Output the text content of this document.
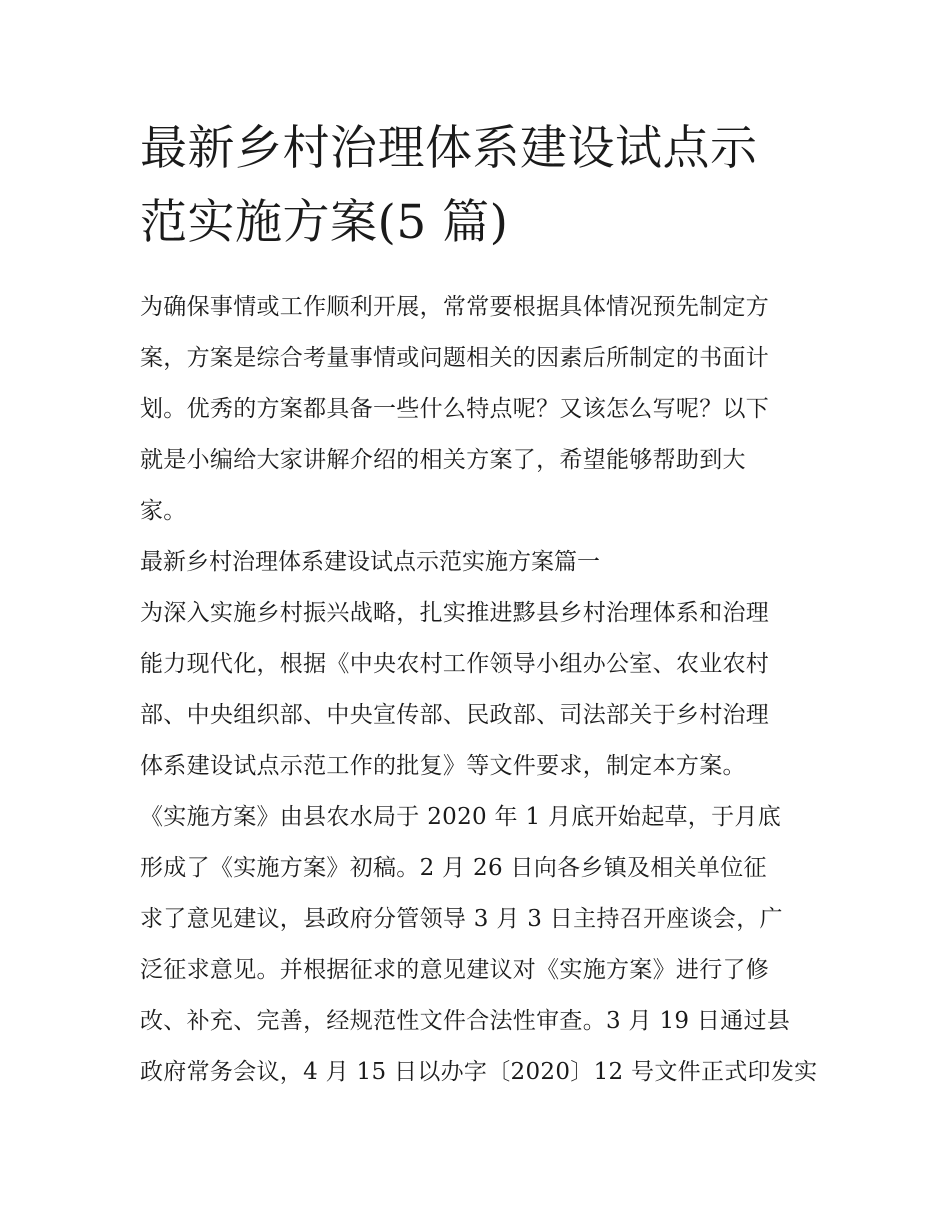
最新乡村治理体系建设试点示
范实施方案(5 篇)

为确保事情或工作顺利开展，常常要根据具体情况预先制定方
案，方案是综合考量事情或问题相关的因素后所制定的书面计
划。优秀的方案都具备一些什么特点呢？又该怎么写呢？以下
就是小编给大家讲解介绍的相关方案了，希望能够帮助到大
家。

最新乡村治理体系建设试点示范实施方案篇一

为深入实施乡村振兴战略，扎实推进黟县乡村治理体系和治理
能力现代化，根据《中央农村工作领导小组办公室、农业农村
部、中央组织部、中央宣传部、民政部、司法部关于乡村治理
体系建设试点示范工作的批复》等文件要求，制定本方案。
《实施方案》由县农水局于 2020 年 1 月底开始起草，于月底
形成了《实施方案》初稿。2 月 26 日向各乡镇及相关单位征
求了意见建议，县政府分管领导 3 月 3 日主持召开座谈会，广
泛征求意见。并根据征求的意见建议对《实施方案》进行了修
改、补充、完善，经规范性文件合法性审查。3 月 19 日通过县
政府常务会议，4 月 15 日以办字〔2020〕12 号文件正式印发实
